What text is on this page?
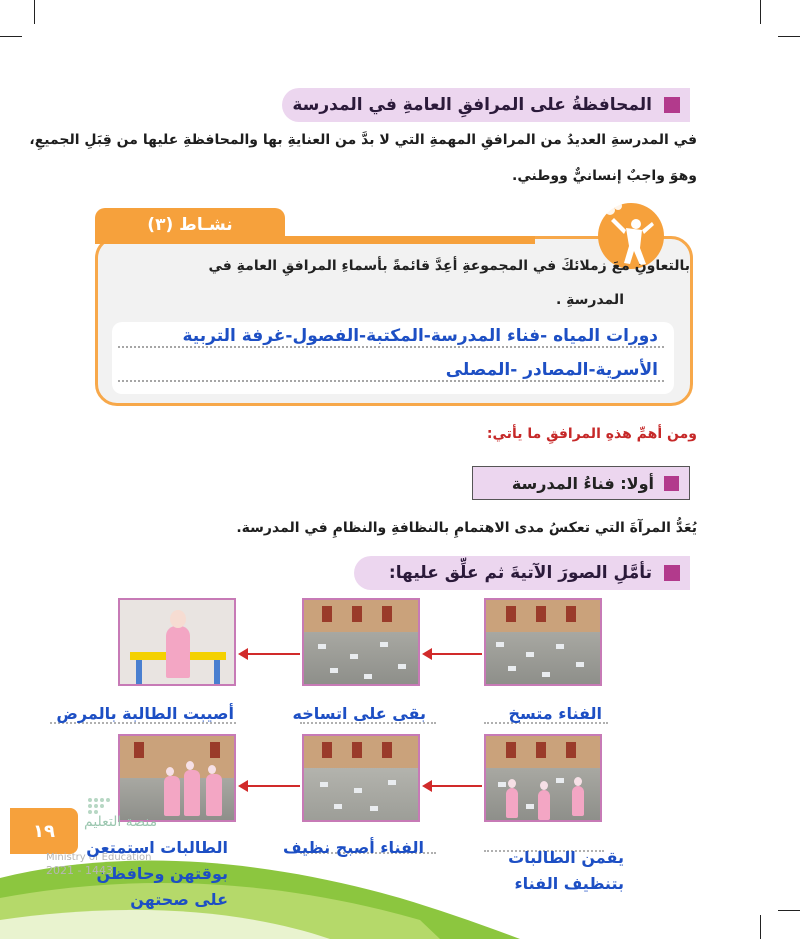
المحافظةُ على المرافقِ العامةِ في المدرسة
في المدرسةِ العديدُ من المرافقِ المهمةِ التي لا بدَّ من العنايةِ بها والمحافظةِ عليها من قِبَلِ الجميعِ،
وهوَ واجبٌ إنسانيٌّ ووطني.
نشـاط (٣)
بالتعاونِ معَ زملائكَ في المجموعةِ أعِدَّ قائمةً بأسماءِ المرافقِ العامةِ في
المدرسةِ .
دورات المياه -فناء المدرسة-المكتبة-الفصول-غرفة التربية
الأسرية-المصادر -المصلى
ومن أهمِّ هذهِ المرافقِ ما يأتي:
أولا: فناءُ المدرسة
يُعَدُّ المرآةَ التي تعكسُ مدى الاهتمامِ بالنظافةِ والنظامِ في المدرسة.
تأمَّلِ الصورَ الآتيةَ ثم علِّق عليها:
الفناء متسخ
بقى على اتساخه
أصيبت الطالبة بالمرض
١٩ منصة التعليم
Ministry of Education
2021 - 1443
يقمن الطالبات
بتنظيف الفناء
الفناء أصبح نظيف
الطالبات استمتعن
بوقتهن وحافظن
على صحتهن
